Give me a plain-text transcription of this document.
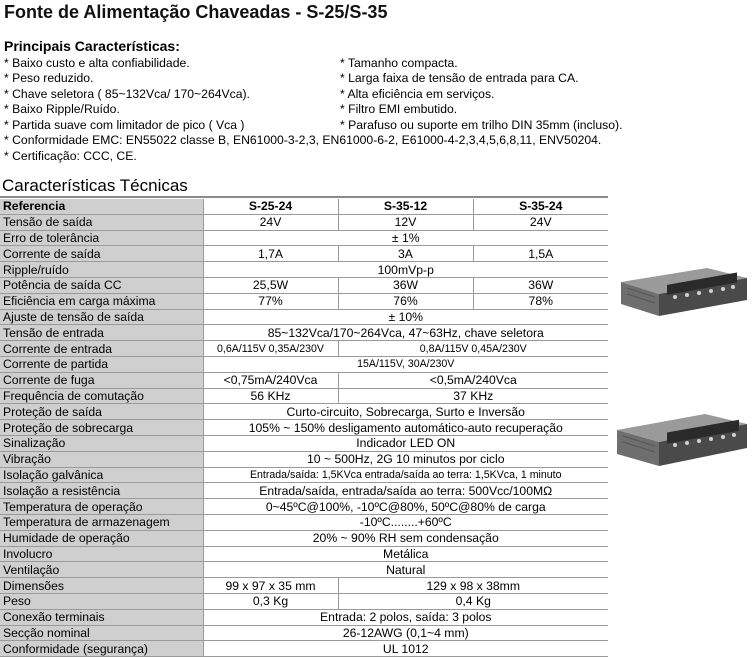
Fonte de Alimentação Chaveadas - S-25/S-35
Principais Características:
* Baixo custo e alta confiabilidade.
* Peso reduzido.
* Chave seletora ( 85~132Vca/ 170~264Vca).
* Baixo Ripple/Ruído.
* Partida suave com limitador de pico ( Vca )
* Tamanho compacta.
* Larga faixa de tensão de entrada para CA.
* Alta eficiência em serviços.
* Filtro EMI embutido.
* Parafuso ou suporte em trilho DIN 35mm (incluso).
* Conformidade EMC: EN55022 classe B, EN61000-3-2,3, EN61000-6-2, E61000-4-2,3,4,5,6,8,11, ENV50204.
* Certificação: CCC, CE.
Características Técnicas
Referencia	S-25-24	S-35-12	S-35-24
Tensão de saída	24V	12V	24V
Erro de tolerância	± 1%		
Corrente de saída	1,7A	3A	1,5A
Ripple/ruído	100mVp-p		
Potência de saída CC	25,5W	36W	36W
Eficiência em carga máxima	77%	76%	78%
Ajuste de tensão de saída	± 10%		
Tensão de entrada	85~132Vca/170~264Vca, 47~63Hz, chave seletora		
Corrente de entrada	0,6A/115V 0,35A/230V	0,8A/115V 0,45A/230V	
Corrente de partida	15A/115V, 30A/230V		
Corrente de fuga	<0,75mA/240Vca	<0,5mA/240Vca	
Frequência de comutação	56 KHz	37 KHz	
Proteção de saída	Curto-circuito, Sobrecarga, Surto e Inversão		
Proteção de sobrecarga	105% ~ 150% desligamento automático-auto recuperação		
Sinalização	Indicador LED ON		
Vibração	10 ~ 500Hz, 2G 10 minutos por ciclo		
Isolação galvânica	Entrada/saída: 1,5KVca entrada/saída ao terra: 1,5KVca, 1 minuto		
Isolação a resistência	Entrada/saída, entrada/saída ao terra: 500Vcc/100MΩ		
Temperatura de operação	0~45ºC@100%, -10ºC@80%, 50ºC@80% de carga		
Temperatura de armazenagem	-10ºC........+60ºC		
Humidade de operação	20% ~ 90% RH sem condensação		
Involucro	Metálica		
Ventilação	Natural		
Dimensões	99 x 97 x 35 mm	129 x 98 x 38mm	
Peso	0,3 Kg	0,4 Kg	
Conexão terminais	Entrada: 2 polos, saída: 3 polos		
Secção nominal	26-12AWG (0,1~4 mm)		
Conformidade (segurança)	UL 1012		
